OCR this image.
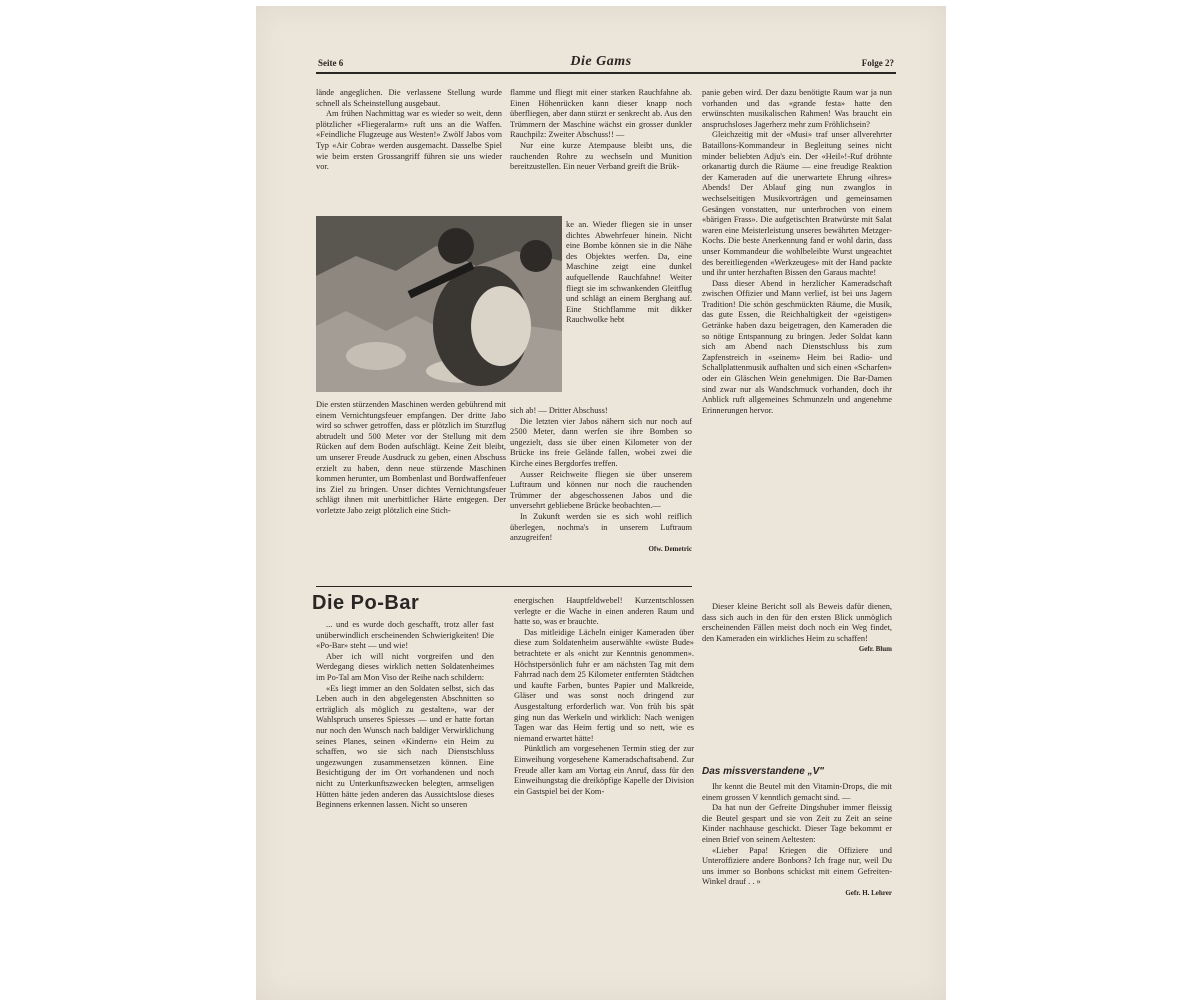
Seite 6	Die Gams	Folge 2?

lände angeglichen. Die verlassene Stellung wurde schnell als Scheinstellung ausgebaut.

Am frühen Nachmittag war es wieder so weit, denn plötzlicher «Fliegeralarm» ruft uns an die Waffen. «Feindliche Flugzeuge aus Westen!» Zwölf Jabos vom Typ «Air Cobra» werden ausgemacht. Dasselbe Spiel wie beim ersten Grossangriff führen sie uns wieder vor.

flamme und fliegt mit einer starken Rauchfahne ab. Einen Höhenrücken kann dieser knapp noch überfliegen, aber dann stürzt er senkrecht ab. Aus den Trümmern der Maschine wächst ein grosser dunkler Rauchpilz: Zweiter Abschuss!! —

Nur eine kurze Atempause bleibt uns, die rauchenden Rohre zu wechseln und Munition bereitzustellen. Ein neuer Verband greift die Brük-

Die ersten stürzenden Maschinen werden gebührend mit einem Vernichtungsfeuer empfangen. Der dritte Jabo wird so schwer getroffen, dass er plötzlich im Sturzflug abtrudelt und 500 Meter vor der Stellung mit dem Rücken auf dem Boden aufschlägt. Keine Zeit bleibt, um unserer Freude Ausdruck zu geben, einen Abschuss erzielt zu haben, denn neue stürzende Maschinen kommen herunter, um Bombenlast und Bordwaffenfeuer ins Ziel zu bringen. Unser dichtes Vernichtungsfeuer schlägt ihnen mit unerbittlicher Härte entgegen. Der vorletzte Jabo zeigt plötzlich eine Stich-

ke an. Wieder fliegen sie in unser dichtes Abwehrfeuer hinein. Nicht eine Bombe können sie in die Nähe des Objektes werfen. Da, eine Maschine zeigt eine dunkel aufquellende Rauchfahne! Weiter fliegt sie im schwankenden Gleitflug und schlägt an einem Berghang auf. Eine Stichflamme mit dikker Rauchwolke hebt

sich ab! — Dritter Abschuss!

Die letzten vier Jabos nähern sich nur noch auf 2500 Meter, dann werfen sie ihre Bomben so ungezielt, dass sie über einen Kilometer von der Brücke ins freie Gelände fallen, wobei zwei die Kirche eines Bergdorfes treffen.

Ausser Reichweite fliegen sie über unserem Luftraum und können nur noch die rauchenden Trümmer der abgeschossenen Jabos und die unversehrt gebliebene Brücke beobachten.—

In Zukunft werden sie es sich wohl reiflich überlegen, nochma's in unserem Luftraum anzugreifen!

Ofw. Demetric

panie geben wird. Der dazu benötigte Raum war ja nun vorhanden und das «grande festa» hatte den erwünschten musikalischen Rahmen! Was braucht ein anspruchsloses Jagerherz mehr zum Fröhlichsein?

Gleichzeitig mit der «Musi» traf unser allverehrter Bataillons-Kommandeur in Begleitung seines nicht minder beliebten Adju's ein. Der «Heil»!-Ruf dröhnte orkanartig durch die Räume — eine freudige Reaktion der Kameraden auf die unerwartete Ehrung «ihres» Abends! Der Ablauf ging nun zwanglos in wechselseitigen Musikvorträgen und gemeinsamen Gesängen vonstatten, nur unterbrochen von einem «bärigen Frass». Die aufgetischten Bratwürste mit Salat waren eine Meisterleistung unseres bewährten Metzger-Kochs. Die beste Anerkennung fand er wohl darin, dass unser Kommandeur die wohlbeleibte Wurst ungeachtet des bereitliegenden «Werkzeuges» mit der Hand packte und ihr unter herzhaften Bissen den Garaus machte!

Dass dieser Abend in herzlicher Kameradschaft zwischen Offizier und Mann verlief, ist bei uns Jagern Tradition! Die schön geschmückten Räume, die Musik, das gute Essen, die Reichhaltigkeit der «geistigen» Getränke haben dazu beigetragen, den Kameraden die so nötige Entspannung zu bringen. Jeder Soldat kann sich am Abend nach Dienstschluss bis zum Zapfenstreich in «seinem» Heim bei Radio- und Schallplattenmusik aufhalten und sich einen «Scharfen» oder ein Gläschen Wein genehmigen. Die Bar-Damen sind zwar nur als Wandschmuck vorhanden, doch ihr Anblick ruft allgemeines Schmunzeln und angenehme Erinnerungen hervor.

Die Po-Bar

... und es wurde doch geschafft, trotz aller fast unüberwindlich erscheinenden Schwierigkeiten! Die «Po-Bar» steht — und wie!

Aber ich will nicht vorgreifen und den Werdegang dieses wirklich netten Soldatenheimes im Po-Tal am Mon Viso der Reihe nach schildern:

«Es liegt immer an den Soldaten selbst, sich das Leben auch in den abgelegensten Abschnitten so erträglich als möglich zu gestalten», war der Wahlspruch unseres Spiesses — und er hatte fortan nur noch den Wunsch nach baldiger Verwirklichung seines Planes, seinen «Kindern» ein Heim zu schaffen, wo sie sich nach Dienstschluss ungezwungen zusammensetzen können. Eine Besichtigung der im Ort vorhandenen und noch nicht zu Unterkunftszwecken belegten, armseligen Hütten hätte jeden anderen das Aussichtslose dieses Beginnens erkennen lassen. Nicht so unseren

energischen Hauptfeldwebel! Kurzentschlossen verlegte er die Wache in einen anderen Raum und hatte so, was er brauchte.

Das mitleidige Lächeln einiger Kameraden über diese zum Soldatenheim auserwählte «wüste Bude» betrachtete er als «nicht zur Kenntnis genommen». Höchstpersönlich fuhr er am nächsten Tag mit dem Fahrrad nach dem 25 Kilometer entfernten Städtchen und kaufte Farben, buntes Papier und Malkreide, Gläser und was sonst noch dringend zur Ausgestaltung erforderlich war. Von früh bis spät ging nun das Werkeln und wirklich: Nach wenigen Tagen war das Heim fertig und so nett, wie es niemand erwartet hätte!

Pünktlich am vorgesehenen Termin stieg der zur Einweihung vorgesehene Kameradschaftsabend. Zur Freude aller kam am Vortag ein Anruf, dass für den Einweihungstag die dreiköpfige Kapelle der Division ein Gastspiel bei der Kom-

Dieser kleine Bericht soll als Beweis dafür dienen, dass sich auch in den für den ersten Blick unmöglich erscheinenden Fällen meist doch noch ein Weg findet, den Kameraden ein wirkliches Heim zu schaffen!

Gefr. Blum

Das missverstandene „V"

Ihr kennt die Beutel mit den Vitamin-Drops, die mit einem grossen V kenntlich gemacht sind. —

Da hat nun der Gefreite Dingshuber immer fleissig die Beutel gespart und sie von Zeit zu Zeit an seine Kinder nachhause geschickt. Dieser Tage bekommt er einen Brief von seinem Aeltesten:

«Lieber Papa! Kriegen die Offiziere und Unteroffiziere andere Bonbons? Ich frage nur, weil Du uns immer so Bonbons schickst mit einem Gefreiten-Winkel drauf . . »

Gefr. H. Lehrer
